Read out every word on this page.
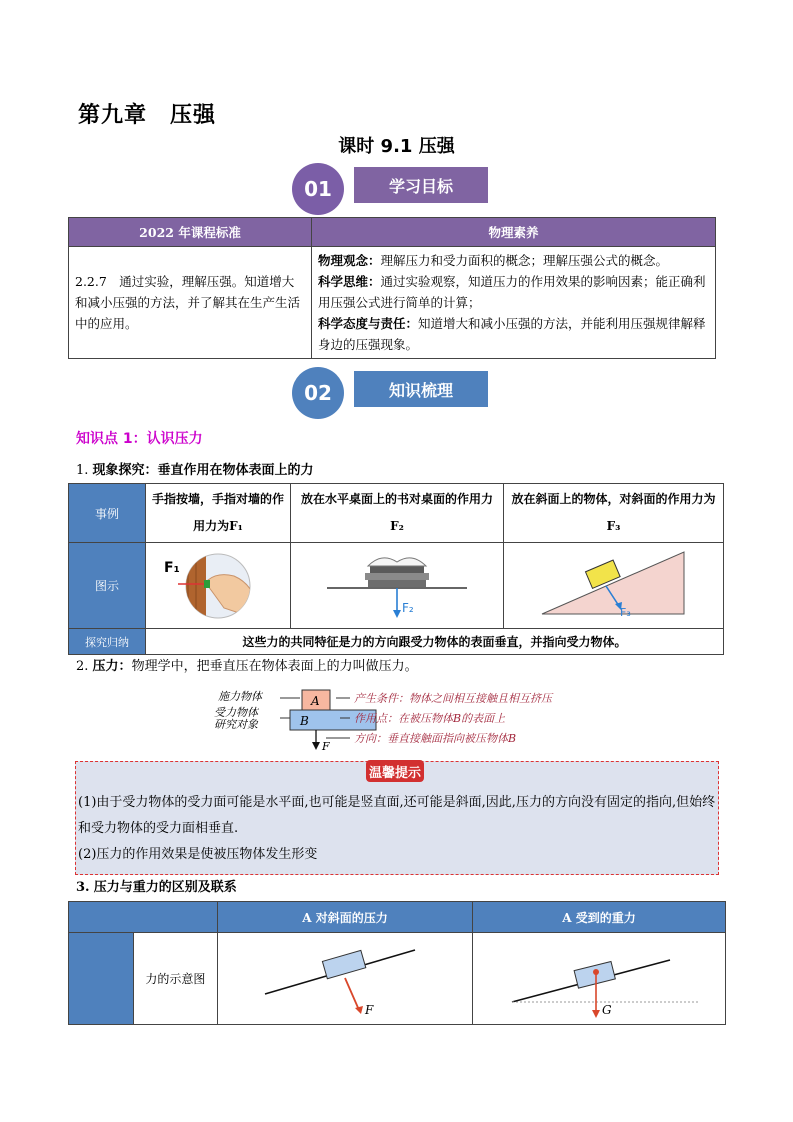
第九章　压强
课时 9.1 压强
01	学习目标
2022 年课程标准	物理素养
2.2.7　通过实验，理解压强。知道增大和减小压强的方法，并了解其在生产生活中的应用。	物理观念：理解压力和受力面积的概念；理解压强公式的概念。
科学思维：通过实验观察，知道压力的作用效果的影响因素；能正确利用压强公式进行简单的计算；
科学态度与责任：知道增大和减小压强的方法，并能利用压强规律解释身边的压强现象。
02	知识梳理
知识点 1：认识压力
1. 现象探究：垂直作用在物体表面上的力
事例	手指按墙，手指对墙的作用力为F₁	放在水平桌面上的书对桌面的作用力F₂	放在斜面上的物体，对斜面的作用力为F₃
图示	F₁	F₂	F₃

探究归纳	这些力的共同特征是力的方向跟受力物体的表面垂直，并指向受力物体。		
2. 压力：物理学中，把垂直压在物体表面上的力叫做压力。
A
B
F
施力物体
受力物体
研究对象
产生条件：物体之间相互接触且相互挤压
作用点：在被压物体B的表面上
方向：垂直接触面指向被压物体B
温馨提示
(1)由于受力物体的受力面可能是水平面,也可能是竖直面,还可能是斜面,因此,压力的方向没有固定的指向,但始终和受力物体的受力面相垂直.
(2)压力的作用效果是使被压物体发生形变
3. 压力与重力的区别及联系
		A 对斜面的压力	A 受到的重力
	力的示意图	F	G
